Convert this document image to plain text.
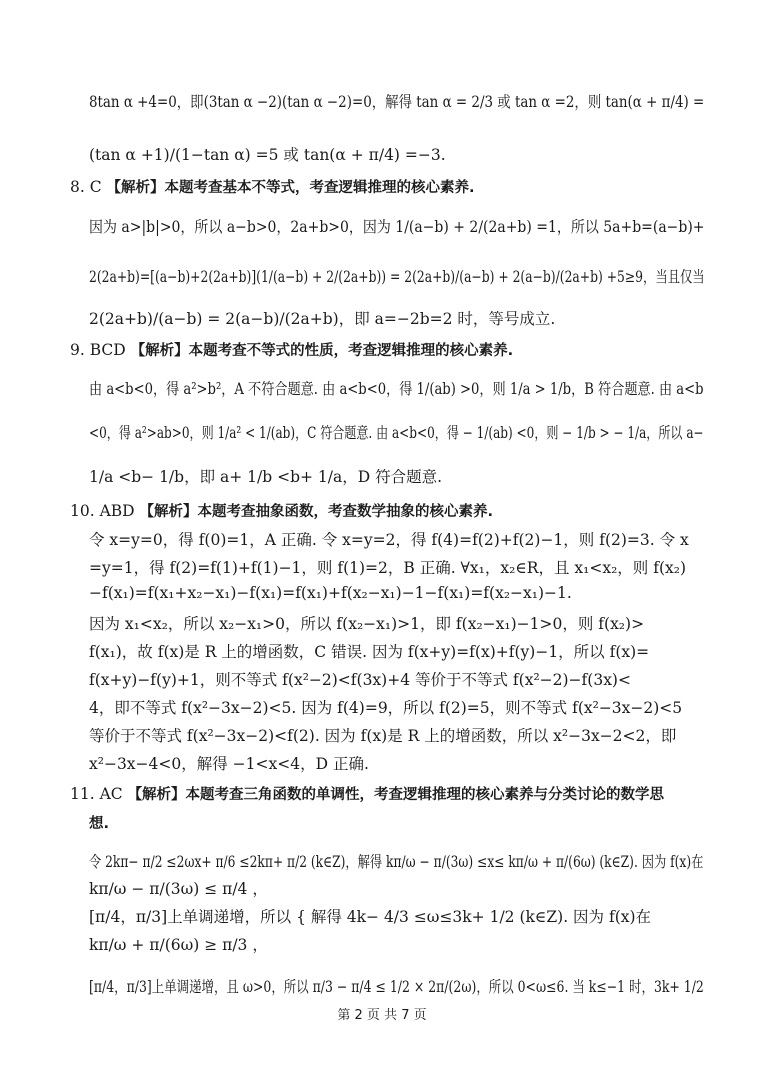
8tan α +4=0，即(3tan α −2)(tan α −2)=0，解得 tan α = 2/3 或 tan α =2，则 tan(α + π/4) =
(tan α +1)/(1−tan α) =5 或 tan(α + π/4) =−3.
8. C 【解析】本题考查基本不等式，考查逻辑推理的核心素养.
因为 a>|b|>0，所以 a−b>0，2a+b>0，因为 1/(a−b) + 2/(2a+b) =1，所以 5a+b=(a−b)+
2(2a+b)=[(a−b)+2(2a+b)](1/(a−b) + 2/(2a+b)) = 2(2a+b)/(a−b) + 2(a−b)/(2a+b) +5≥9，当且仅当
2(2a+b)/(a−b) = 2(a−b)/(2a+b)，即 a=−2b=2 时，等号成立.
9. BCD 【解析】本题考查不等式的性质，考查逻辑推理的核心素养.
由 a<b<0，得 a²>b²，A 不符合题意. 由 a<b<0，得 1/(ab) >0，则 1/a > 1/b，B 符合题意. 由 a<b
<0，得 a²>ab>0，则 1/a² < 1/(ab)，C 符合题意. 由 a<b<0，得 − 1/(ab) <0，则 − 1/b > − 1/a，所以 a−
1/a <b− 1/b，即 a+ 1/b <b+ 1/a，D 符合题意.
10. ABD 【解析】本题考查抽象函数，考查数学抽象的核心素养.
令 x=y=0，得 f(0)=1，A 正确. 令 x=y=2，得 f(4)=f(2)+f(2)−1，则 f(2)=3. 令 x
=y=1，得 f(2)=f(1)+f(1)−1，则 f(1)=2，B 正确. ∀x₁，x₂∈R，且 x₁<x₂，则 f(x₂)
−f(x₁)=f(x₁+x₂−x₁)−f(x₁)=f(x₁)+f(x₂−x₁)−1−f(x₁)=f(x₂−x₁)−1.
因为 x₁<x₂，所以 x₂−x₁>0，所以 f(x₂−x₁)>1，即 f(x₂−x₁)−1>0，则 f(x₂)>
f(x₁)，故 f(x)是 R 上的增函数，C 错误. 因为 f(x+y)=f(x)+f(y)−1，所以 f(x)=
f(x+y)−f(y)+1，则不等式 f(x²−2)<f(3x)+4 等价于不等式 f(x²−2)−f(3x)<
4，即不等式 f(x²−3x−2)<5. 因为 f(4)=9，所以 f(2)=5，则不等式 f(x²−3x−2)<5
等价于不等式 f(x²−3x−2)<f(2). 因为 f(x)是 R 上的增函数，所以 x²−3x−2<2，即
x²−3x−4<0，解得 −1<x<4，D 正确.
11. AC 【解析】本题考查三角函数的单调性，考查逻辑推理的核心素养与分类讨论的数学思
想.
令 2kπ− π/2 ≤2ωx+ π/6 ≤2kπ+ π/2 (k∈Z)，解得 kπ/ω − π/(3ω) ≤x≤ kπ/ω + π/(6ω) (k∈Z). 因为 f(x)在
kπ/ω − π/(3ω) ≤ π/4 ，
[π/4，π/3]上单调递增，所以 { 解得 4k− 4/3 ≤ω≤3k+ 1/2 (k∈Z). 因为 f(x)在
kπ/ω + π/(6ω) ≥ π/3 ，
[π/4，π/3]上单调递增，且 ω>0，所以 π/3 − π/4 ≤ 1/2 × 2π/(2ω)，所以 0<ω≤6. 当 k≤−1 时，3k+ 1/2
第 2 页 共 7 页
